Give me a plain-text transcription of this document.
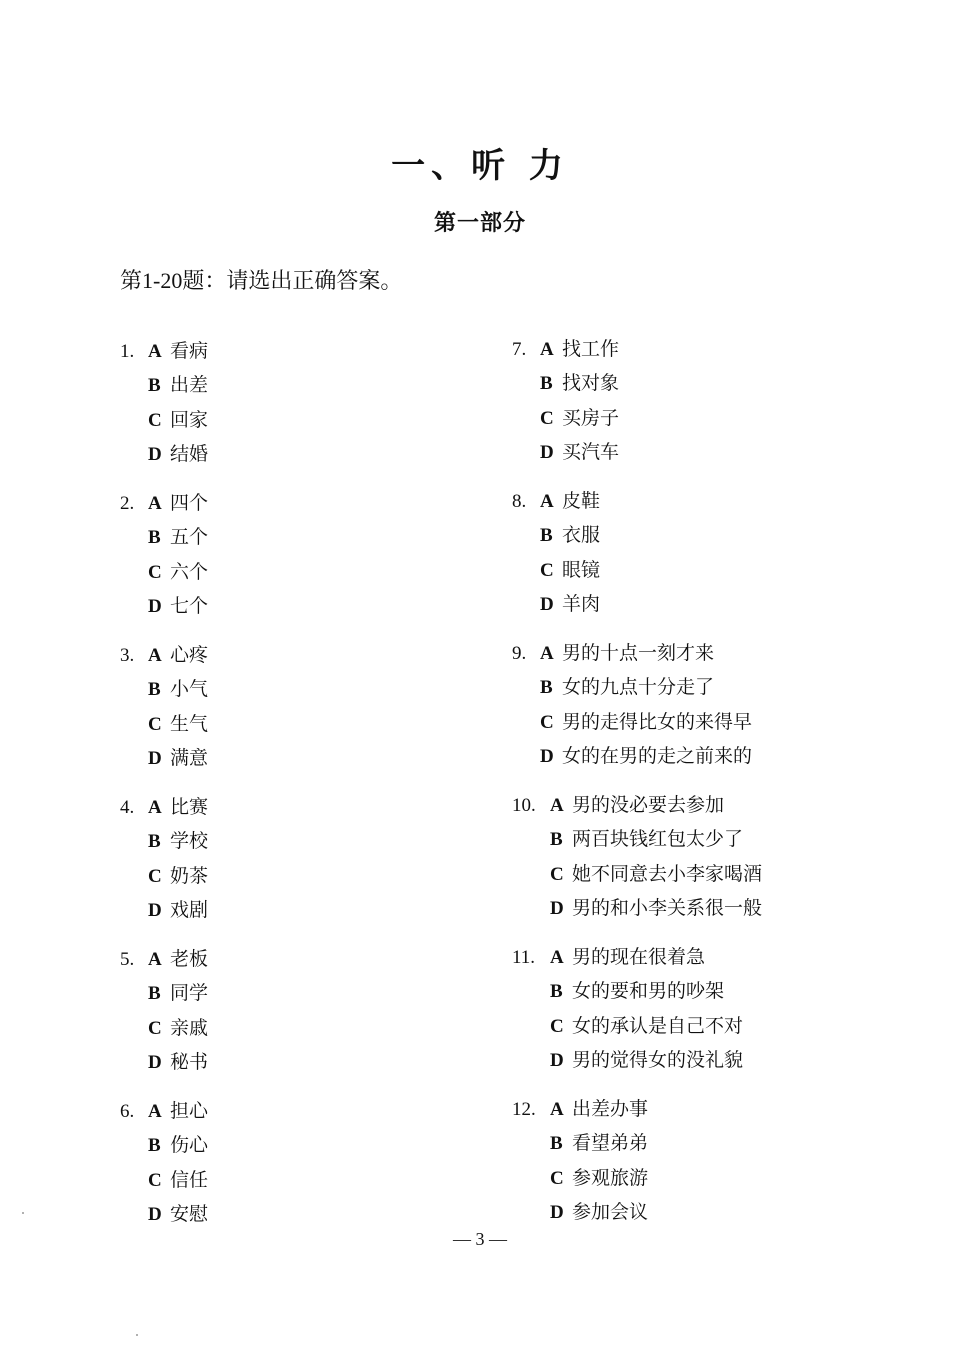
一、听 力
第一部分
第1-20题：请选出正确答案。
1. A 看病
B 出差
C 回家
D 结婚
2. A 四个
B 五个
C 六个
D 七个
3. A 心疼
B 小气
C 生气
D 满意
4. A 比赛
B 学校
C 奶茶
D 戏剧
5. A 老板
B 同学
C 亲戚
D 秘书
6. A 担心
B 伤心
C 信任
D 安慰
7. A 找工作
B 找对象
C 买房子
D 买汽车
8. A 皮鞋
B 衣服
C 眼镜
D 羊肉
9. A 男的十点一刻才来
B 女的九点十分走了
C 男的走得比女的来得早
D 女的在男的走之前来的
10. A 男的没必要去参加
B 两百块钱红包太少了
C 她不同意去小李家喝酒
D 男的和小李关系很一般
11. A 男的现在很着急
B 女的要和男的吵架
C 女的承认是自己不对
D 男的觉得女的没礼貌
12. A 出差办事
B 看望弟弟
C 参观旅游
D 参加会议
— 3 —
